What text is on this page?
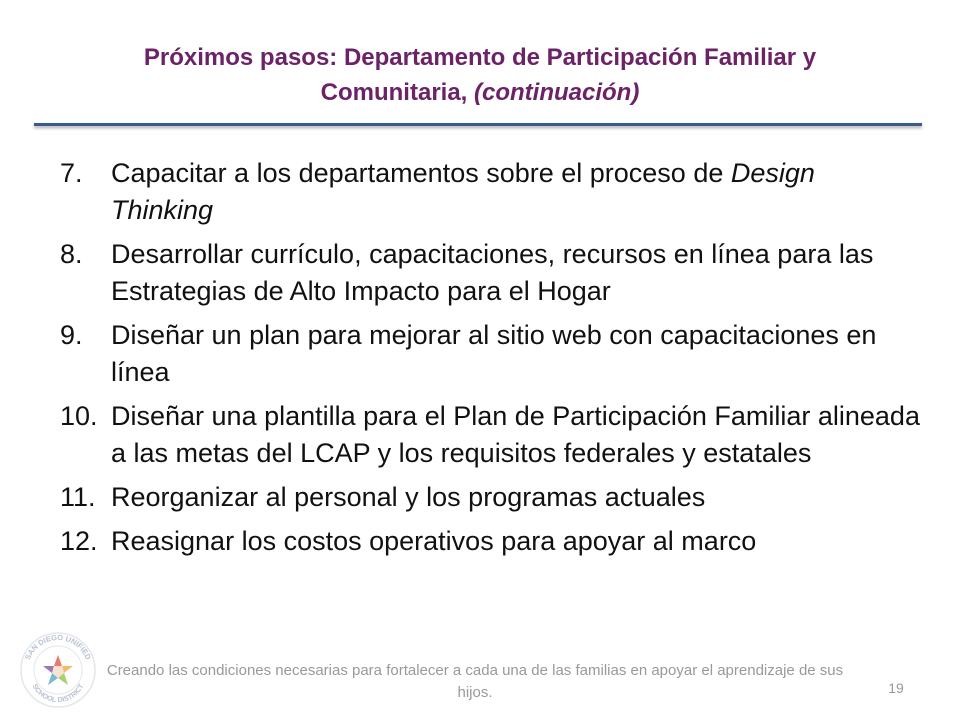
Próximos pasos: Departamento de Participación Familiar y
Comunitaria, (continuación)
7. Capacitar a los departamentos sobre el proceso de Design Thinking
8. Desarrollar currículo, capacitaciones, recursos en línea para las Estrategias de Alto Impacto para el Hogar
9. Diseñar un plan para mejorar al sitio web con capacitaciones en línea
10. Diseñar una plantilla para el Plan de Participación Familiar alineada a las metas del LCAP y los requisitos federales y estatales
11. Reorganizar al personal y los programas actuales
12. Reasignar los costos operativos para apoyar al marco
SAN DIEGO UNIFIED
SCHOOL DISTRICT
Creando las condiciones necesarias para fortalecer a cada una de las familias en apoyar el aprendizaje de sus hijos.	19
